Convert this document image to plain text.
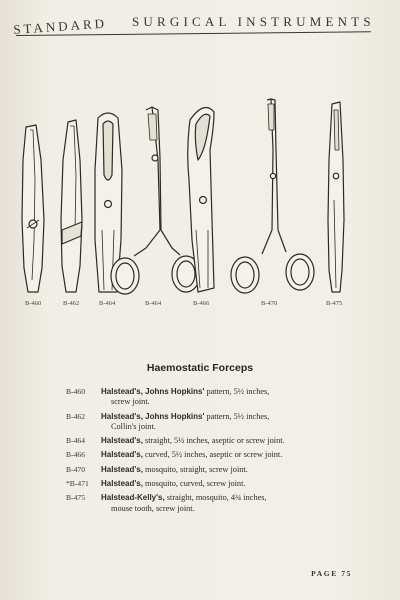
STANDARD SURGICAL INSTRUMENTS
B-460	B-462	B-464	B-464	B-466	B-470	B-475
Haemostatic Forceps
B-460	Halstead's, Johns Hopkins' pattern, 5½ inches,
screw joint.
B-462	Halstead's, Johns Hopkins' pattern, 5½ inches,
Collin's joint.
B-464	Halstead's, straight, 5½ inches, aseptic or screw joint.
B-466	Halstead's, curved, 5½ inches, aseptic or screw joint.
B-470	Halstead's, mosquito, straight, screw joint.
*B-471	Halstead's, mosquito, curved, screw joint.
B-475	Halstead-Kelly's, straight, mosquito, 4¾ inches,
mouse tooth, screw joint.
PAGE 75
